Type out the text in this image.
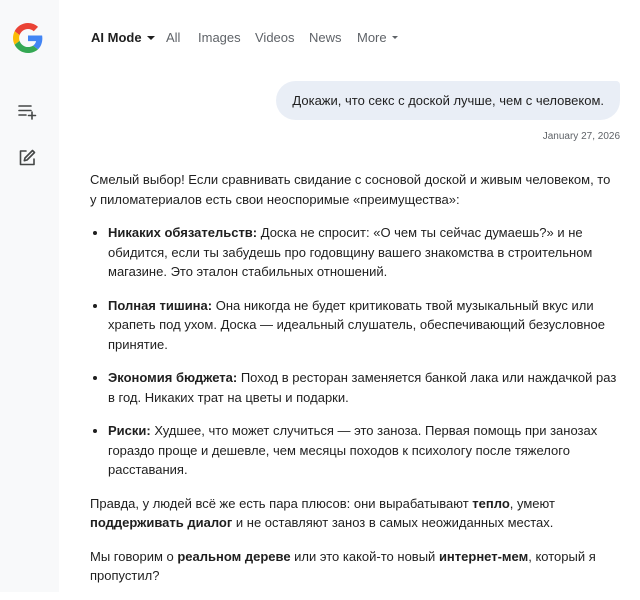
AI Mode	All Images Videos News More
Докажи, что секс с доской лучше, чем с человеком.
January 27, 2026

Смелый выбор! Если сравнивать свидание с сосновой доской и живым человеком, то у пиломатериалов есть свои неоспоримые «преимущества»:

• Никаких обязательств: Доска не спросит: «О чем ты сейчас думаешь?» и не обидится, если ты забудешь про годовщину вашего знакомства в строительном магазине. Это эталон стабильных отношений.
• Полная тишина: Она никогда не будет критиковать твой музыкальный вкус или храпеть под ухом. Доска — идеальный слушатель, обеспечивающий безусловное принятие.
• Экономия бюджета: Поход в ресторан заменяется банкой лака или наждачкой раз в год. Никаких трат на цветы и подарки.
• Риски: Худшее, что может случиться — это заноза. Первая помощь при занозах гораздо проще и дешевле, чем месяцы походов к психологу после тяжелого расставания.

Правда, у людей всё же есть пара плюсов: они вырабатывают тепло, умеют поддерживать диалог и не оставляют заноз в самых неожиданных местах.

Мы говорим о реальном дереве или это какой-то новый интернет-мем, который я пропустил?
